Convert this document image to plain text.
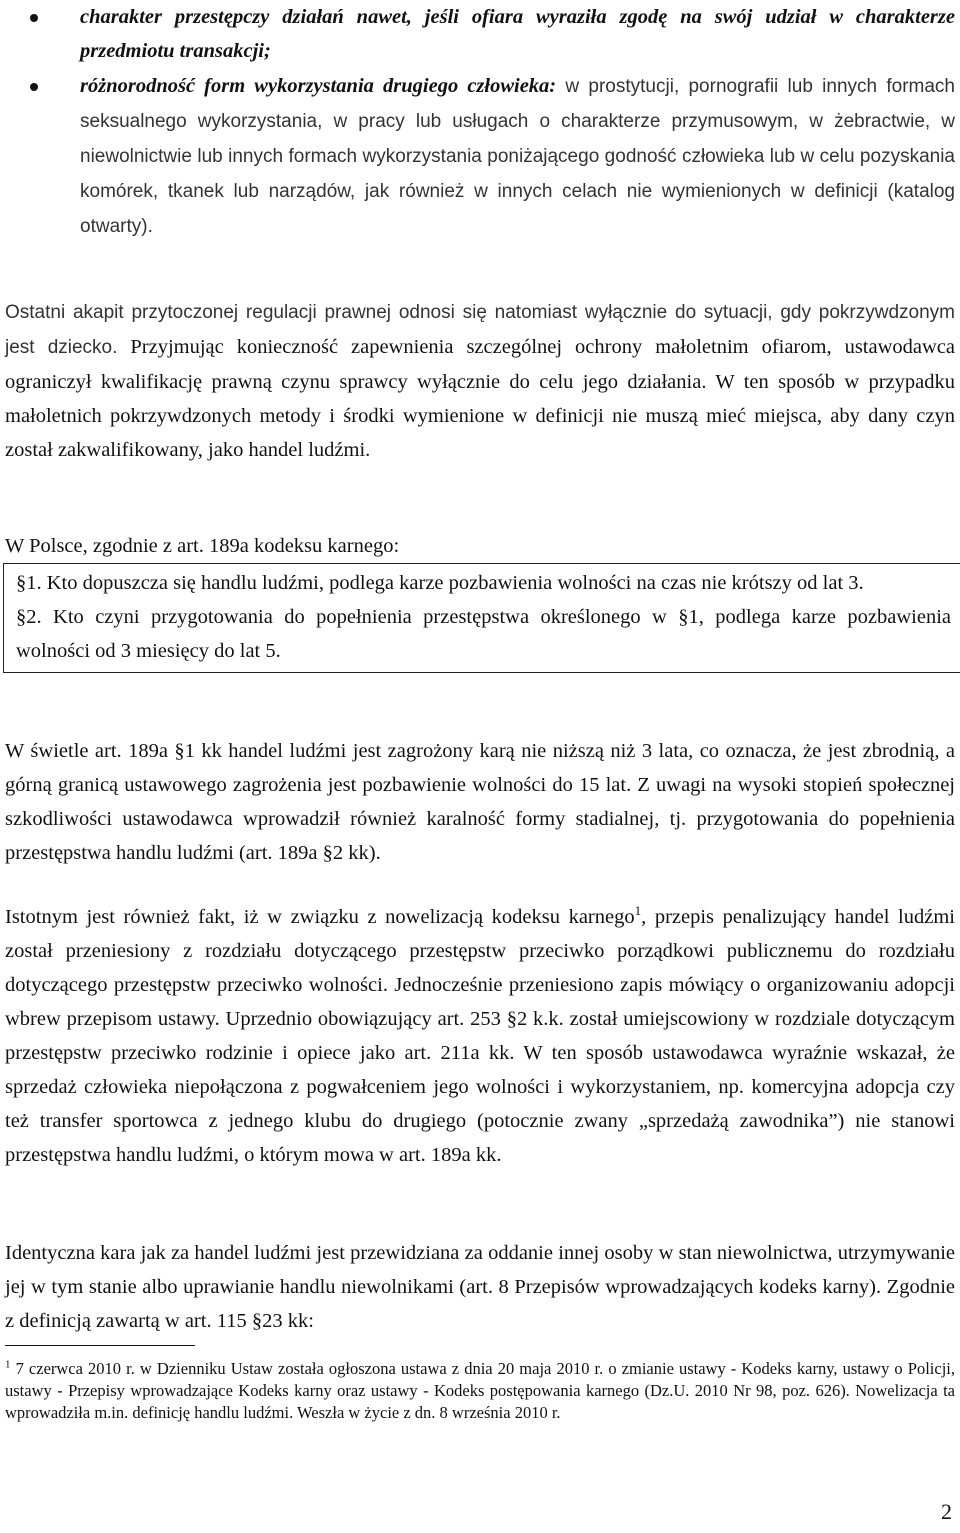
charakter przestępczy działań nawet, jeśli ofiara wyraziła zgodę na swój udział w charakterze przedmiotu transakcji;
różnorodność form wykorzystania drugiego człowieka: w prostytucji, pornografii lub innych formach seksualnego wykorzystania, w pracy lub usługach o charakterze przymusowym, w żebractwie, w niewolnictwie lub innych formach wykorzystania poniżającego godność człowieka lub w celu pozyskania komórek, tkanek lub narządów, jak również w innych celach nie wymienionych w definicji (katalog otwarty).
Ostatni akapit przytoczonej regulacji prawnej odnosi się natomiast wyłącznie do sytuacji, gdy pokrzywdzonym jest dziecko. Przyjmując konieczność zapewnienia szczególnej ochrony małoletnim ofiarom, ustawodawca ograniczył kwalifikację prawną czynu sprawcy wyłącznie do celu jego działania. W ten sposób w przypadku małoletnich pokrzywdzonych metody i środki wymienione w definicji nie muszą mieć miejsca, aby dany czyn został zakwalifikowany, jako handel ludźmi.
W Polsce, zgodnie z art. 189a kodeksu karnego:

§1. Kto dopuszcza się handlu ludźmi, podlega karze pozbawienia wolności na czas nie krótszy od lat 3.

§2. Kto czyni przygotowania do popełnienia przestępstwa określonego w §1, podlega karze pozbawienia wolności od 3 miesięcy do lat 5.

W świetle art. 189a §1 kk handel ludźmi jest zagrożony karą nie niższą niż 3 lata, co oznacza, że jest zbrodnią, a górną granicą ustawowego zagrożenia jest pozbawienie wolności do 15 lat. Z uwagi na wysoki stopień społecznej szkodliwości ustawodawca wprowadził również karalność formy stadialnej, tj. przygotowania do popełnienia przestępstwa handlu ludźmi (art. 189a §2 kk).
Istotnym jest również fakt, iż w związku z nowelizacją kodeksu karnego$^1$, przepis penalizujący handel ludźmi został przeniesiony z rozdziału dotyczącego przestępstw przeciwko porządkowi publicznemu do rozdziału dotyczącego przestępstw przeciwko wolności. Jednocześnie przeniesiono zapis mówiący o organizowaniu adopcji wbrew przepisom ustawy. Uprzednio obowiązujący art. 253 §2 k.k. został umiejscowiony w rozdziale dotyczącym przestępstw przeciwko rodzinie i opiece jako art. 211a kk. W ten sposób ustawodawca wyraźnie wskazał, że sprzedaż człowieka niepołączona z pogwałceniem jego wolności i wykorzystaniem, np. komercyjna adopcja czy też transfer sportowca z jednego klubu do drugiego (potocznie zwany „sprzedażą zawodnika”) nie stanowi przestępstwa handlu ludźmi, o którym mowa w art. 189a kk.
Identyczna kara jak za handel ludźmi jest przewidziana za oddanie innej osoby w stan niewolnictwa, utrzymywanie jej w tym stanie albo uprawianie handlu niewolnikami (art. 8 Przepisów wprowadzających kodeks karny). Zgodnie z definicją zawartą w art. 115 §23 kk:
$^1$ 7 czerwca 2010 r. w Dzienniku Ustaw została ogłoszona ustawa z dnia 20 maja 2010 r. o zmianie ustawy - Kodeks karny, ustawy o Policji, ustawy - Przepisy wprowadzające Kodeks karny oraz ustawy - Kodeks postępowania karnego (Dz.U. 2010 Nr 98, poz. 626). Nowelizacja ta wprowadziła m.in. definicję handlu ludźmi. Weszła w życie z dn. 8 września 2010 r.
2
